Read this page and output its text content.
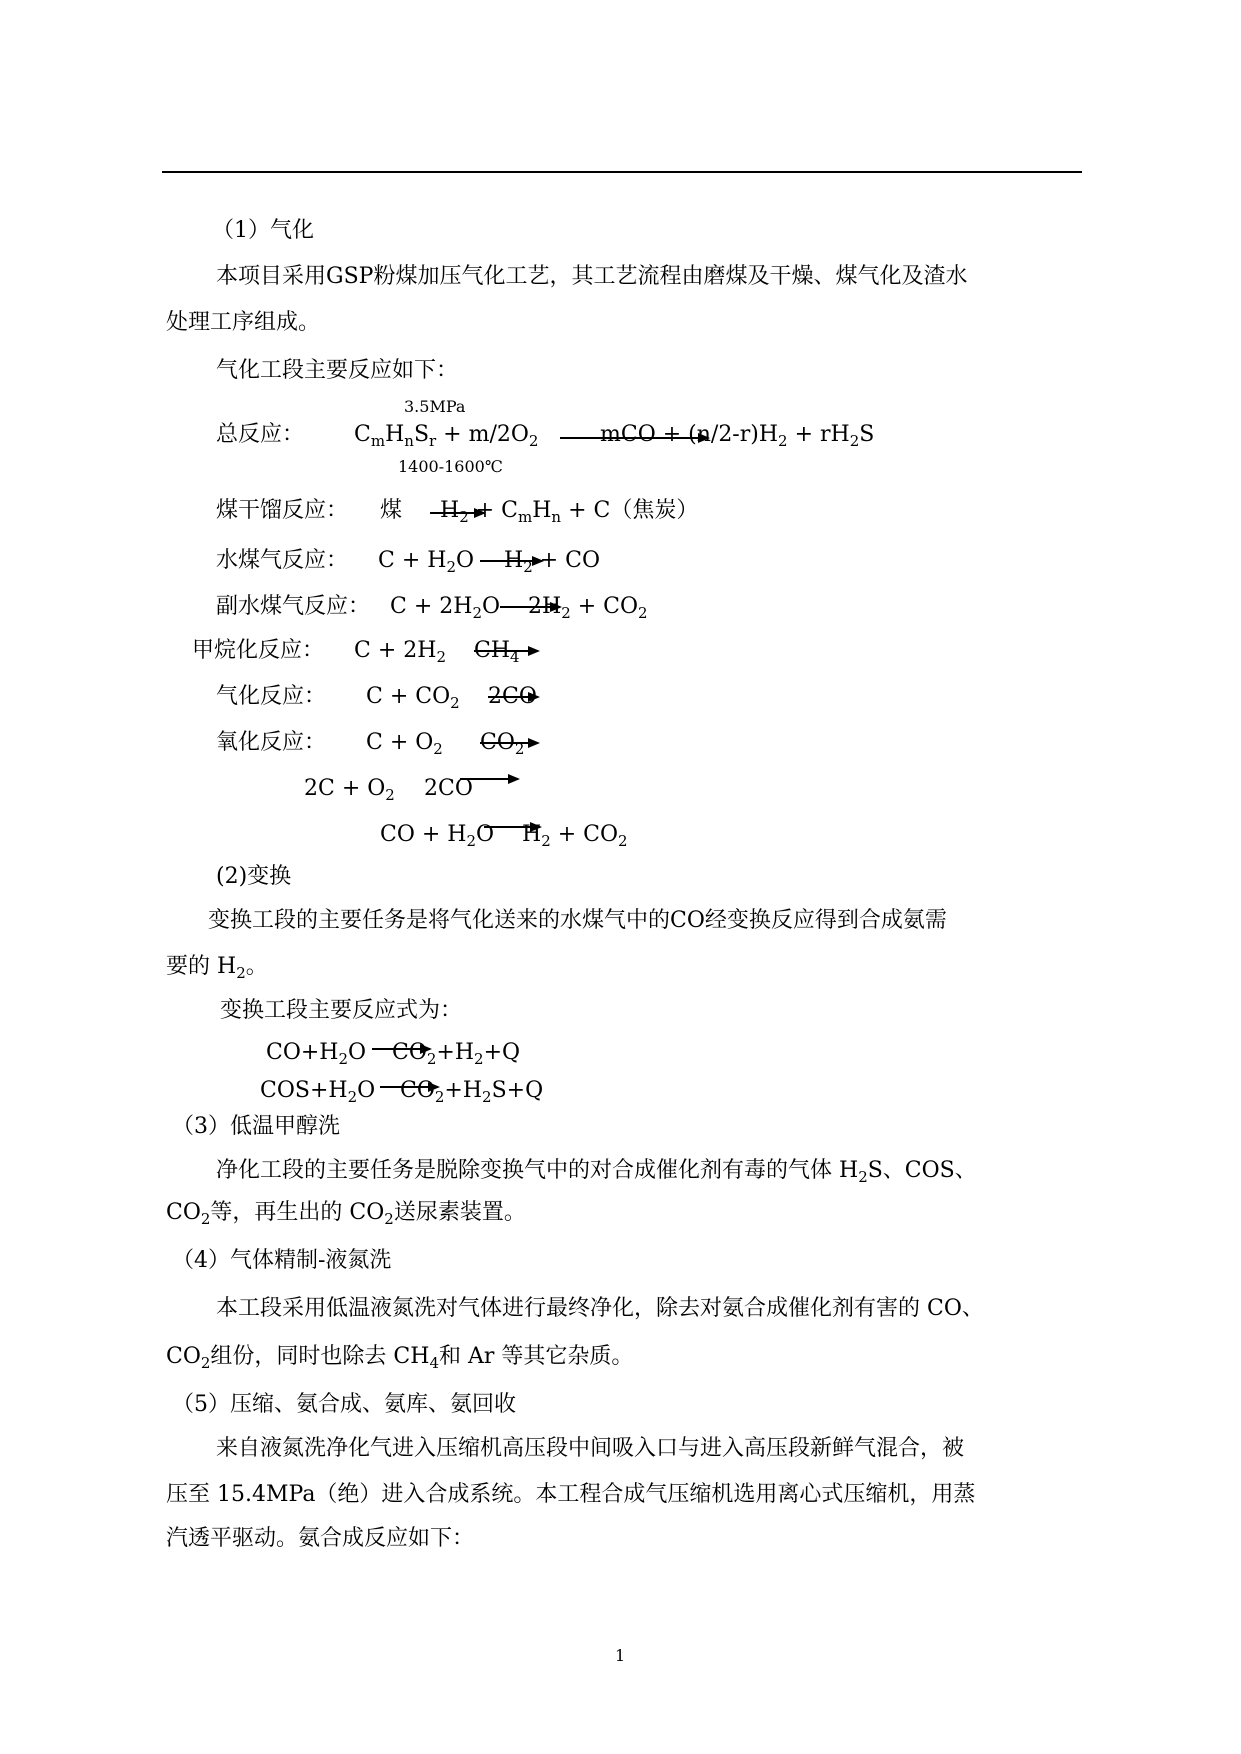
（1）气化
本项目采用GSP粉煤加压气化工艺，其工艺流程由磨煤及干燥、煤气化及渣水
处理工序组成。
气化工段主要反应如下：
3.5MPa
总反应： $C_mH_nS_r + m/2O_2$	mCO + $(n/2-r)H_2 + rH_2S$
1400-1600℃
煤干馏反应： 煤 $H_2 + C_mH_n + C$（焦炭）
水煤气反应： $C + H_2O$ $H_2$ + CO
副水煤气反应： $C + 2H_2O$ $2H_2 + CO_2$
甲烷化反应： $C + 2H_2$ $CH_4$
气化反应： $C + CO_2$ 2CO
氧化反应： $C + O_2$ $CO_2$
$2C + O_2$ 2CO
CO + $H_2O$ $H_2 + CO_2$
(2)变换
变换工段的主要任务是将气化送来的水煤气中的CO经变换反应得到合成氨需
要的 $H_2$。
变换工段主要反应式为：
$CO+H_2O$ $CO_2+H_2+Q$
$COS+H_2O$ $CO_2+H_2S+Q$
（3）低温甲醇洗
净化工段的主要任务是脱除变换气中的对合成催化剂有毒的气体 $H_2S$、COS、
$CO_2$等，再生出的 $CO_2$送尿素装置。
（4）气体精制-液氮洗
本工段采用低温液氮洗对气体进行最终净化，除去对氨合成催化剂有害的 CO、
$CO_2$组份，同时也除去 $CH_4$和 Ar 等其它杂质。
（5）压缩、氨合成、氨库、氨回收
来自液氮洗净化气进入压缩机高压段中间吸入口与进入高压段新鲜气混合，被
压至 15.4MPa（绝）进入合成系统。本工程合成气压缩机选用离心式压缩机，用蒸
汽透平驱动。氨合成反应如下：
1
